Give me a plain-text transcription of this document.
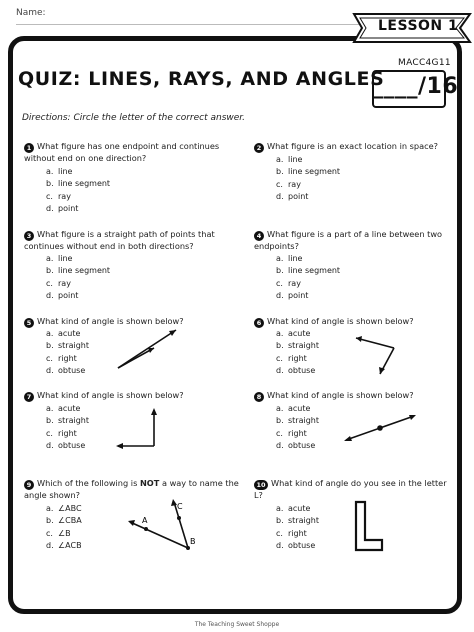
Name:
LESSON 1
MACC4G11
____/16
QUIZ: LINES, RAYS, AND ANGLES
Directions: Circle the letter of the correct answer.
1 What figure has one endpoint and continues without end on one direction?
a. line
b. line segment
c. ray
d. point
2 What figure is an exact location in space?
a. line
b. line segment
c. ray
d. point
3 What figure is a straight path of points that continues without end in both directions?
a. line
b. line segment
c. ray
d. point
4 What figure is a part of a line between two endpoints?
a. line
b. line segment
c. ray
d. point
5 What kind of angle is shown below?
a. acute
b. straight
c. right
d. obtuse
6 What kind of angle is shown below?
a. acute
b. straight
c. right
d. obtuse
7 What kind of angle is shown below?
a. acute
b. straight
c. right
d. obtuse
8 What kind of angle is shown below?
a. acute
b. straight
c. right
d. obtuse
9 Which of the following is NOT a way to name the angle shown?
a. ∠ABC
b. ∠CBA
c. ∠B
d. ∠ACB
A
C
B
10 What kind of angle do you see in the letter L?
a. acute
b. straight
c. right
d. obtuse
The Teaching Sweet Shoppe
